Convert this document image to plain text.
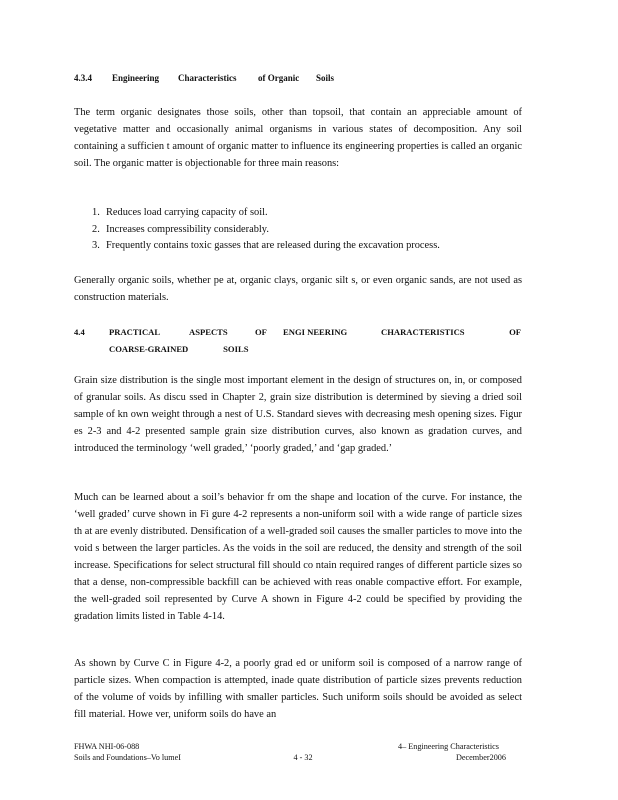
4.3.4	Engineering	Characteristics	of Organic	Soils

The term organic designates those soils, other than topsoil, that contain an appreciable amount of vegetative matter and occasionally animal organisms in various states of decomposition. Any soil containing a sufficien t amount of organic matter to influence its engineering properties is called an organic soil. The organic matter is objectionable for three main reasons:

1. Reduces load carrying capacity of soil.
2. Increases compressibility considerably.
3. Frequently contains toxic gasses that are released during the excavation process.

Generally organic soils, whether pe at, organic clays, organic silt s, or even organic sands, are not used as construction materials.

4.4	PRACTICAL	ASPECTS	OF	ENGI NEERING	CHARACTERISTICS	OF
COARSE-GRAINED	SOILS

Grain size distribution is the single most important element in the design of structures on, in, or composed of granular soils. As discu ssed in Chapter 2, grain size distribution is determined by sieving a dried soil sample of kn own weight through a nest of U.S. Standard sieves with decreasing mesh opening sizes. Figur es 2-3 and 4-2 presented sample grain size distribution curves, also known as gradation curves, and introduced the terminology ‘well graded,’ ‘poorly graded,’ and ‘gap graded.’

Much can be learned about a soil’s behavior fr om the shape and location of the curve. For instance, the ‘well graded’ curve shown in Fi gure 4-2 represents a non-uniform soil with a wide range of particle sizes th at are evenly distributed. Densification of a well-graded soil causes the smaller particles to move into the void s between the larger particles. As the voids in the soil are reduced, the density and strength of the soil increase. Specifications for select structural fill should co ntain required ranges of different particle sizes so that a dense, non-compressible backfill can be achieved with reas onable compactive effort. For example, the well-graded soil represented by Curve A shown in Figure 4-2 could be specified by providing the gradation limits listed in Table 4-14.

As shown by Curve C in Figure 4-2, a poorly grad ed or uniform soil is composed of a narrow range of particle sizes. When compaction is attempted, inade quate distribution of particle sizes prevents reduction of the volume of voids by infilling with smaller particles. Such uniform soils should be avoided as select fill material. Howe ver, uniform soils do have an

FHWA NHI-06-088
Soils and Foundations–Vo lumeI	4 - 32
4– Engineering Characteristics
December2006
